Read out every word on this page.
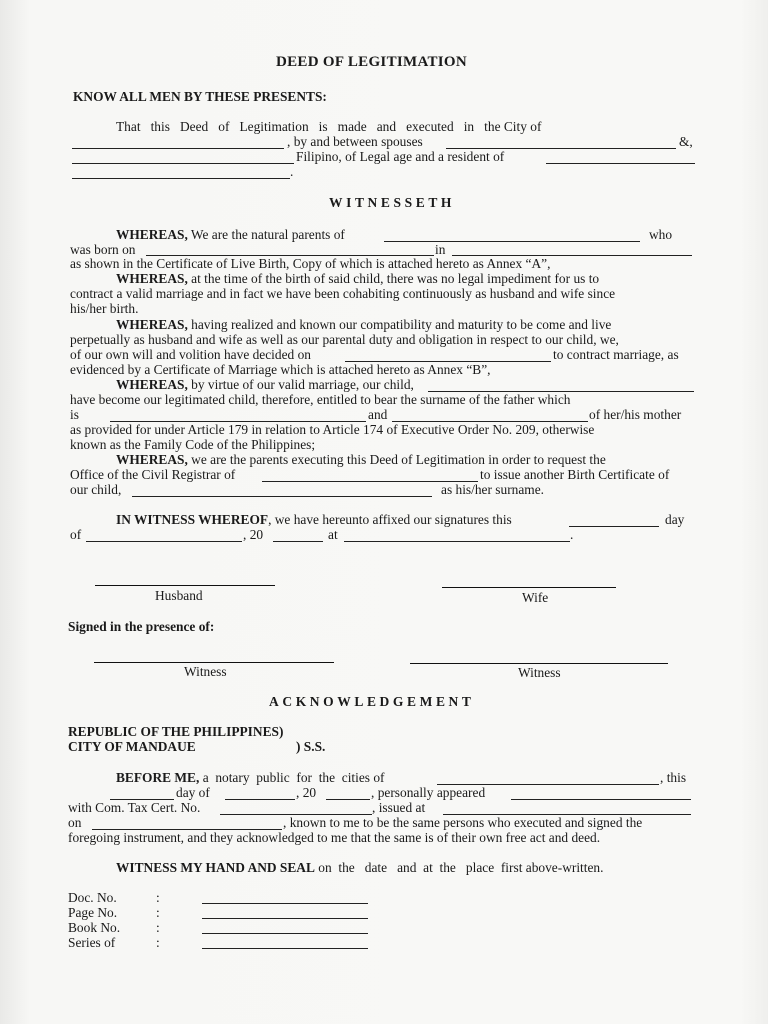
DEED OF LEGITIMATION
KNOW ALL MEN BY THESE PRESENTS:
That   this   Deed   of   Legitimation   is   made   and   executed   in   the City of
, by and between spouses	&,
Filipino, of Legal age and a resident of
.
WITNESSETH
WHEREAS, We are the natural parents of	who
was born on	in
as shown in the Certificate of Live Birth, Copy of which is attached hereto as Annex “A”,
WHEREAS, at the time of the birth of said child, there was no legal impediment for us to
contract a valid marriage and in fact we have been cohabiting continuously as husband and wife since
his/her birth.
WHEREAS, having realized and known our compatibility and maturity to be come and live
perpetually as husband and wife as well as our parental duty and obligation in respect to our child, we,
of our own will and volition have decided on	to contract marriage, as
evidenced by a Certificate of Marriage which is attached hereto as Annex “B”,
WHEREAS, by virtue of our valid marriage, our child,
have become our legitimated child, therefore, entitled to bear the surname of the father which
is	and	of her/his mother
as provided for under Article 179 in relation to Article 174 of Executive Order No. 209, otherwise
known as the Family Code of the Philippines;
WHEREAS, we are the parents executing this Deed of Legitimation in order to request the
Office of the Civil Registrar of	to issue another Birth Certificate of
our child,	as his/her surname.
IN WITNESS WHEREOF, we have hereunto affixed our signatures this	day
of	, 20	at	.
Husband	Wife
Signed in the presence of:
Witness	Witness
ACKNOWLEDGEMENT
REPUBLIC OF THE PHILIPPINES)
CITY OF MANDAUE	) S.S.
BEFORE ME, a  notary  public  for  the  cities of	, this
day of	, 20	, personally appeared
with Com. Tax Cert. No.	, issued at
on	, known to me to be the same persons who executed and signed the
foregoing instrument, and they acknowledged to me that the same is of their own free act and deed.
WITNESS MY HAND AND SEAL on  the   date   and  at  the   place  first above-written.
Doc. No.	:
Page No.	:
Book No.	:
Series of	:
